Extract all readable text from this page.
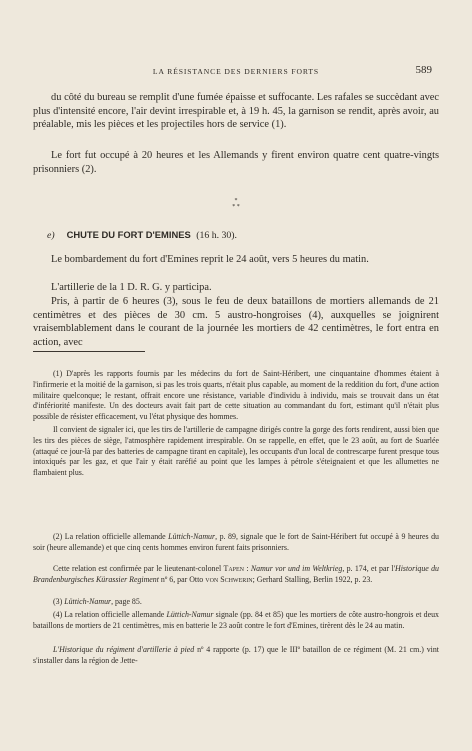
LA RÉSISTANCE DES DERNIERS FORTS	589

du côté du bureau se remplit d'une fumée épaisse et suffocante. Les rafales se succèdant avec plus d'intensité encore, l'air devint irrespirable et, à 19 h. 45, la garnison se rendit, après avoir, au préalable, mis les pièces et les projectiles hors de service (1).

Le fort fut occupé à 20 heures et les Allemands y firent environ quatre cent quatre-vingts prisonniers (2).

*
* *
e) CHUTE DU FORT D'EMINES (16 h. 30).

Le bombardement du fort d'Emines reprit le 24 août, vers 5 heures du matin.

L'artillerie de la 1 D. R. G. y participa.

Pris, à partir de 6 heures (3), sous le feu de deux bataillons de mortiers allemands de 21 centimètres et des pièces de 30 cm. 5 austro-hongroises (4), auxquelles se joignirent vraisemblablement dans le courant de la journée les mortiers de 42 centimètres, le fort entra en action, avec

(1) D'après les rapports fournis par les médecins du fort de Saint-Héribert, une cinquantaine d'hommes étaient à l'infirmerie et la moitié de la garnison, si pas les trois quarts, n'était plus capable, au moment de la reddition du fort, d'une action militaire quelconque; le restant, offrait encore une résistance, variable d'individu à individu, mais se trouvait dans un état d'infériorité manifeste. Un des docteurs avait fait part de cette situation au commandant du fort, estimant qu'il n'était plus possible de résister efficacement, vu l'état physique des hommes.

Il convient de signaler ici, que les tirs de l'artillerie de campagne dirigés contre la gorge des forts rendirent, aussi bien que les tirs des pièces de siège, l'atmosphère rapidement irrespirable. On se rappelle, en effet, que le 23 août, au fort de Suarlée (attaqué ce jour-là par des batteries de campagne tirant en capitale), les occupants d'un local de contrescarpe furent presque tous intoxiqués par les gaz, et que l'air y était raréfié au point que les lampes à pétrole s'éteignaient et que les allumettes ne flambaient plus.

(2) La relation officielle allemande Lüttich-Namur, p. 89, signale que le fort de Saint-Héribert fut occupé à 9 heures du soir (heure allemande) et que cinq cents hommes environ furent faits prisonniers.

Cette relation est confirmée par le lieutenant-colonel Tapen : Namur vor und im Weltkrieg, p. 174, et par l'Historique du Brandenburgisches Kürassier Regiment nº 6, par Otto von Schwerin; Gerhard Stalling, Berlin 1922, p. 23.

(3) Lüttich-Namur, page 85.

(4) La relation officielle allemande Lüttich-Namur signale (pp. 84 et 85) que les mortiers de côte austro-hongrois et deux bataillons de mortiers de 21 centimètres, mis en batterie le 23 août contre le fort d'Emines, tirèrent dès le 24 au matin.

L'Historique du régiment d'artillerie à pied nº 4 rapporte (p. 17) que le IIIº bataillon de ce régiment (M. 21 cm.) vint s'installer dans la région de Jette-
